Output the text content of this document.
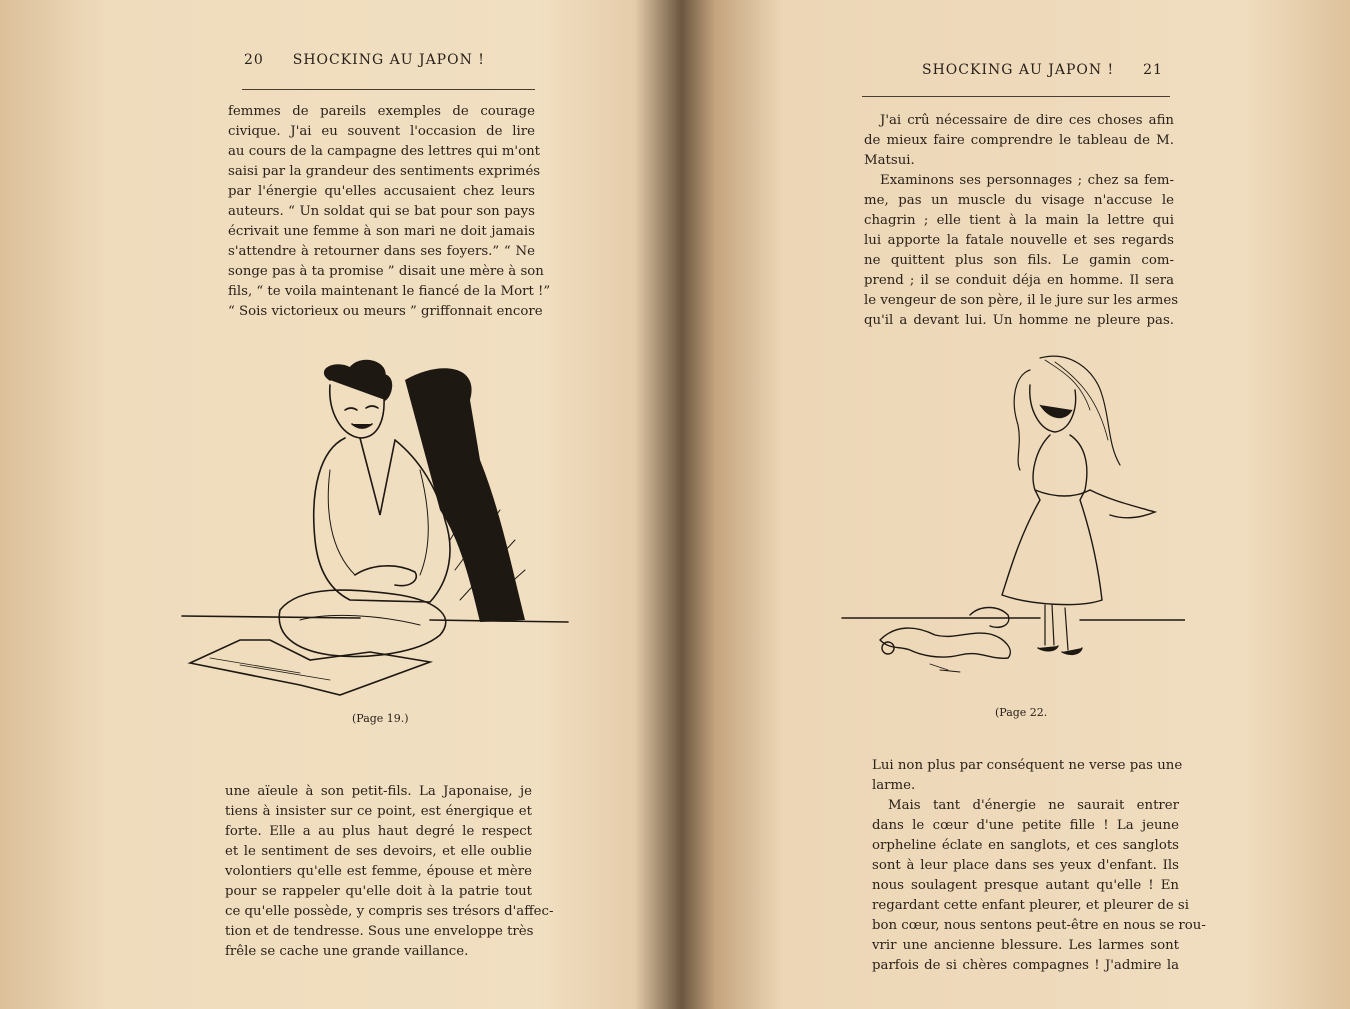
20 SHOCKING AU JAPON !
femmes de pareils exemples de courage
civique. J'ai eu souvent l'occasion de lire
au cours de la campagne des lettres qui m'ont
saisi par la grandeur des sentiments exprimés
par l'énergie qu'elles accusaient chez leurs
auteurs. “ Un soldat qui se bat pour son pays
écrivait une femme à son mari ne doit jamais
s'attendre à retourner dans ses foyers.” “ Ne
songe pas à ta promise ” disait une mère à son
fils, “ te voila maintenant le fiancé de la Mort !”
“ Sois victorieux ou meurs ” griffonnait encore
(Page 19.)
une aïeule à son petit-fils. La Japonaise, je
tiens à insister sur ce point, est énergique et
forte. Elle a au plus haut degré le respect
et le sentiment de ses devoirs, et elle oublie
volontiers qu'elle est femme, épouse et mère
pour se rappeler qu'elle doit à la patrie tout
ce qu'elle possède, y compris ses trésors d'affec-
tion et de tendresse. Sous une enveloppe très
frêle se cache une grande vaillance.
SHOCKING AU JAPON ! 21
J'ai crû nécessaire de dire ces choses afin
de mieux faire comprendre le tableau de M.
Matsui.
Examinons ses personnages ; chez sa fem-
me, pas un muscle du visage n'accuse le
chagrin ; elle tient à la main la lettre qui
lui apporte la fatale nouvelle et ses regards
ne quittent plus son fils. Le gamin com-
prend ; il se conduit déja en homme. Il sera
le vengeur de son père, il le jure sur les armes
qu'il a devant lui. Un homme ne pleure pas.
(Page 22.
Lui non plus par conséquent ne verse pas une
larme.
Mais tant d'énergie ne saurait entrer
dans le cœur d'une petite fille ! La jeune
orpheline éclate en sanglots, et ces sanglots
sont à leur place dans ses yeux d'enfant. Ils
nous soulagent presque autant qu'elle ! En
regardant cette enfant pleurer, et pleurer de si
bon cœur, nous sentons peut-être en nous se rou-
vrir une ancienne blessure. Les larmes sont
parfois de si chères compagnes ! J'admire la
